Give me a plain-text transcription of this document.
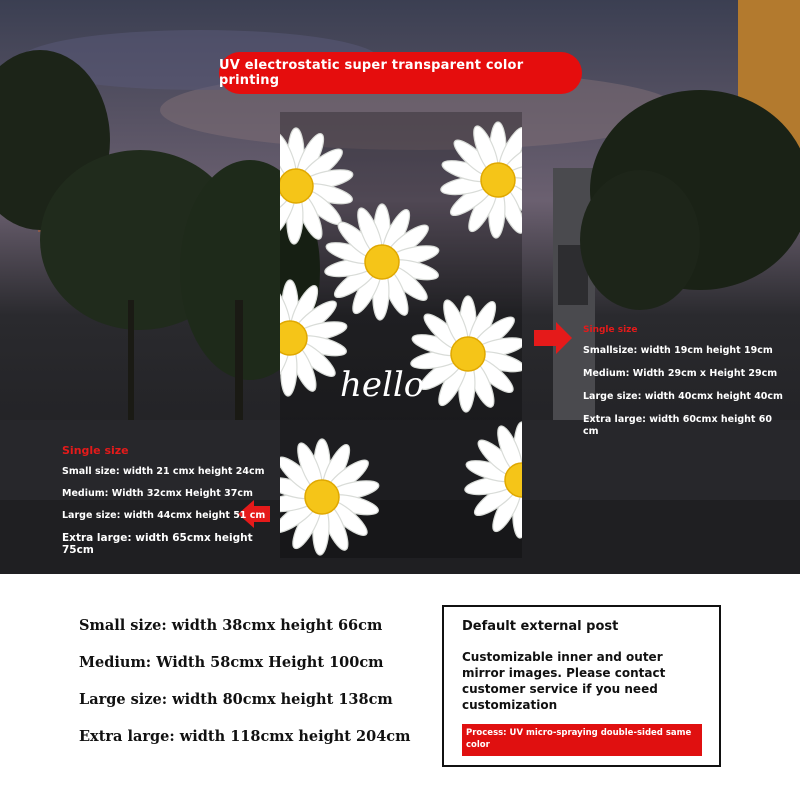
UV electrostatic super transparent color printing
hello
Single size
Small size: width 21 cmx height 24cm
Medium: Width 32cmx Height 37cm
Large size: width 44cmx height 51 cm
Extra large: width 65cmx height 75cm
Single size
Smallsize: width 19cm height 19cm
Medium: Width 29cm x Height 29cm
Large size: width 40cmx height 40cm
Extra large: width 60cmx height 60 cm
Small size: width 38cmx height 66cm
Medium: Width 58cmx Height 100cm
Large size: width 80cmx height 138cm
Extra large: width 118cmx height 204cm
Default external post
Customizable inner and outer mirror images. Please contact customer service if you need customization
Process: UV micro-spraying double-sided same color
